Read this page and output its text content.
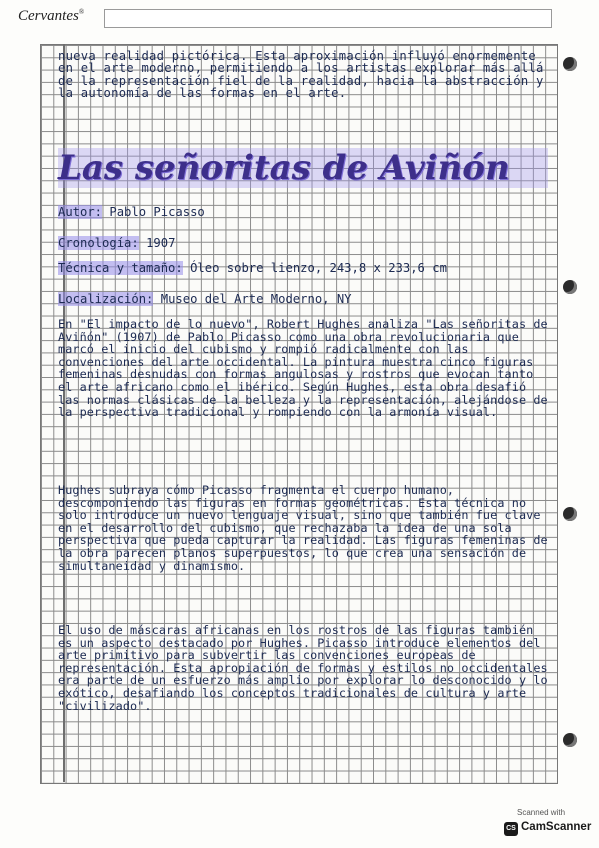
Cervantes®

nueva realidad pictórica. Esta aproximación influyó enormemente en el arte moderno, permitiendo a los artistas explorar más allá de la representación fiel de la realidad, hacia la abstracción y la autonomía de las formas en el arte.

Las señoritas de Aviñón
Autor: Pablo Picasso
Cronología: 1907
Técnica y tamaño: Óleo sobre lienzo, 243,8 x 233,6 cm
Localización: Museo del Arte Moderno, NY
En "El impacto de lo nuevo", Robert Hughes analiza "Las señoritas de Aviñón" (1907) de Pablo Picasso como una obra revolucionaria que marcó el inicio del cubismo y rompió radicalmente con las convenciones del arte occidental. La pintura muestra cinco figuras femeninas desnudas con formas angulosas y rostros que evocan tanto el arte africano como el ibérico. Según Hughes, esta obra desafió las normas clásicas de la belleza y la representación, alejándose de la perspectiva tradicional y rompiendo con la armonía visual.
Hughes subraya cómo Picasso fragmenta el cuerpo humano, descomponiendo las figuras en formas geométricas. Esta técnica no solo introduce un nuevo lenguaje visual, sino que también fue clave en el desarrollo del cubismo, que rechazaba la idea de una sola perspectiva que pueda capturar la realidad. Las figuras femeninas de la obra parecen planos superpuestos, lo que crea una sensación de simultaneidad y dinamismo.
El uso de máscaras africanas en los rostros de las figuras también es un aspecto destacado por Hughes. Picasso introduce elementos del arte primitivo para subvertir las convenciones europeas de representación. Esta apropiación de formas y estilos no occidentales era parte de un esfuerzo más amplio por explorar lo desconocido y lo exótico, desafiando los conceptos tradicionales de cultura y arte "civilizado".
Scanned with
CS CamScanner
